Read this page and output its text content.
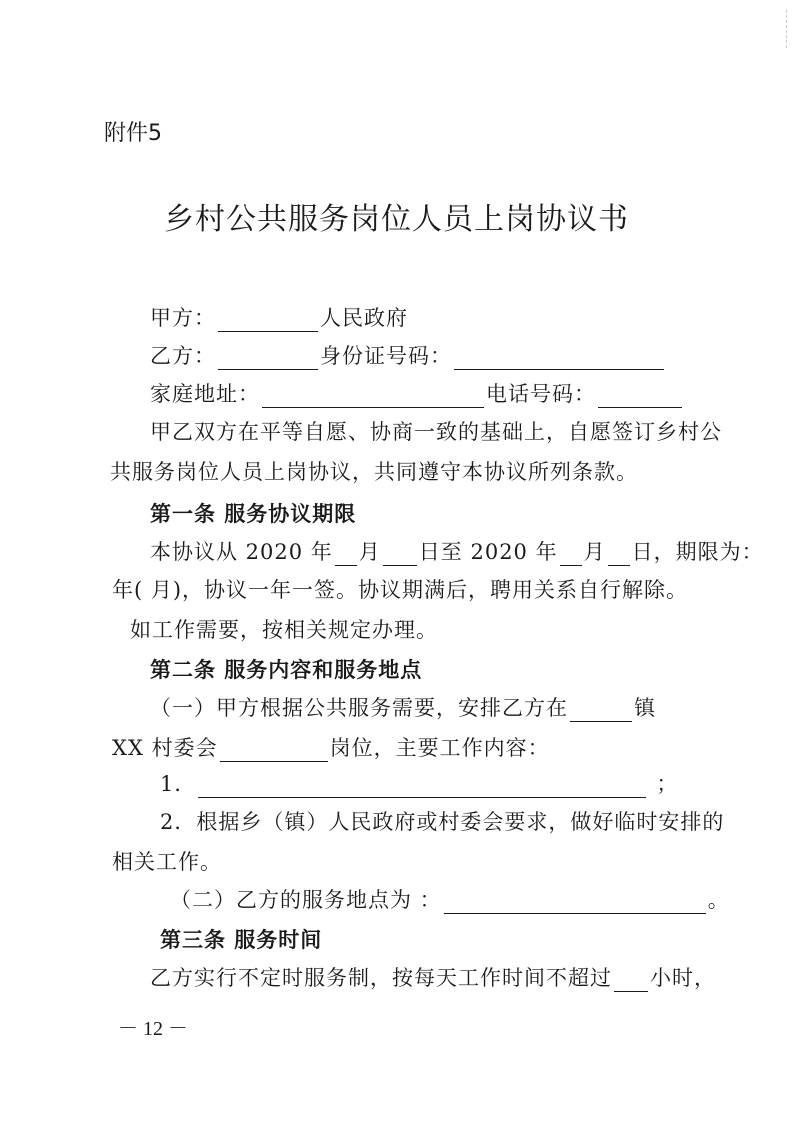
附件5
乡村公共服务岗位人员上岗协议书
甲方：	人民政府
乙方：	身份证号码：
家庭地址：	电话号码：
甲乙双方在平等自愿、协商一致的基础上，自愿签订乡村公
共服务岗位人员上岗协议，共同遵守本协议所列条款。
第一条 服务协议期限
本协议从 2020 年 月 日至 2020 年 月 日，期限为：
年( 月)，协议一年一签。协议期满后，聘用关系自行解除。
如工作需要，按相关规定办理。
第二条 服务内容和服务地点
（一）甲方根据公共服务需要，安排乙方在	镇
XX 村委会	岗位，主要工作内容：
1．	；
2．根据乡（镇）人民政府或村委会要求，做好临时安排的
相关工作。
（二）乙方的服务地点为 ：	。
第三条 服务时间
乙方实行不定时服务制，按每天工作时间不超过 小时，
－ 12 －
